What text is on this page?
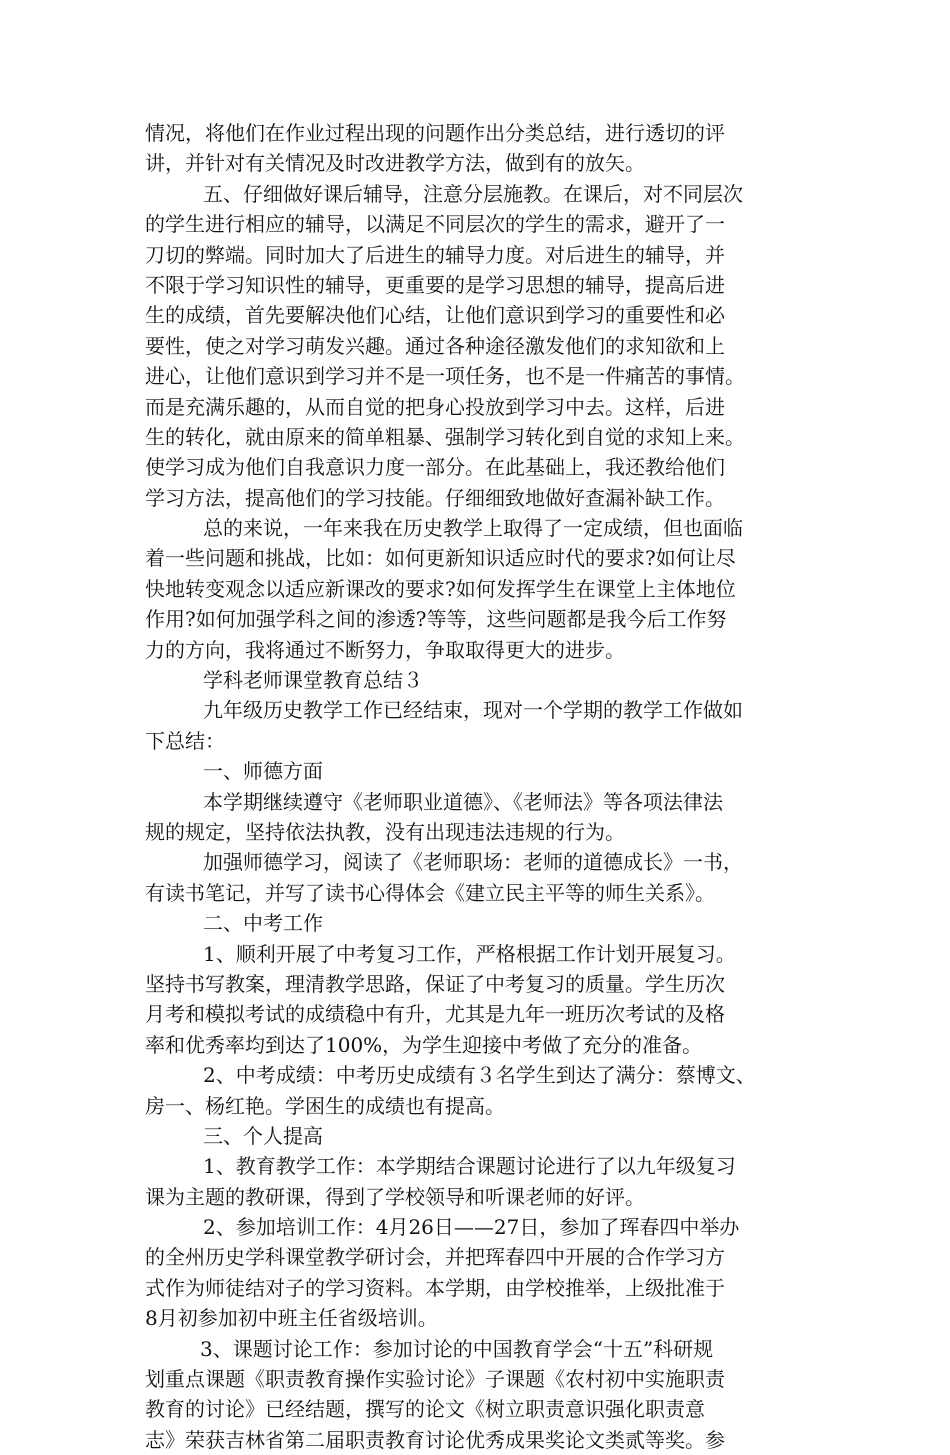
情况，将他们在作业过程出现的问题作出分类总结，进行透切的评
讲，并针对有关情况及时改进教学方法，做到有的放矢。
五、仔细做好课后辅导，注意分层施教。在课后，对不同层次
的学生进行相应的辅导，以满足不同层次的学生的需求，避开了一
刀切的弊端。同时加大了后进生的辅导力度。对后进生的辅导，并
不限于学习知识性的辅导，更重要的是学习思想的辅导，提高后进
生的成绩，首先要解决他们心结，让他们意识到学习的重要性和必
要性，使之对学习萌发兴趣。通过各种途径激发他们的求知欲和上
进心，让他们意识到学习并不是一项任务，也不是一件痛苦的事情。
而是充满乐趣的，从而自觉的把身心投放到学习中去。这样，后进
生的转化，就由原来的简单粗暴、强制学习转化到自觉的求知上来。
使学习成为他们自我意识力度一部分。在此基础上，我还教给他们
学习方法，提高他们的学习技能。仔细细致地做好查漏补缺工作。
总的来说，一年来我在历史教学上取得了一定成绩，但也面临
着一些问题和挑战，比如：如何更新知识适应时代的要求?如何让尽
快地转变观念以适应新课改的要求?如何发挥学生在课堂上主体地位
作用?如何加强学科之间的渗透?等等，这些问题都是我今后工作努
力的方向，我将通过不断努力，争取取得更大的进步。
学科老师课堂教育总结３
九年级历史教学工作已经结束，现对一个学期的教学工作做如
下总结：
一、师德方面
本学期继续遵守《老师职业道德》、《老师法》等各项法律法
规的规定，坚持依法执教，没有出现违法违规的行为。
加强师德学习，阅读了《老师职场：老师的道德成长》一书，
有读书笔记，并写了读书心得体会《建立民主平等的师生关系》。
二、中考工作
1、顺利开展了中考复习工作，严格根据工作计划开展复习。
坚持书写教案，理清教学思路，保证了中考复习的质量。学生历次
月考和模拟考试的成绩稳中有升，尤其是九年一班历次考试的及格
率和优秀率均到达了100%，为学生迎接中考做了充分的准备。
2、中考成绩：中考历史成绩有３名学生到达了满分：蔡博文、
房一、杨红艳。学困生的成绩也有提高。
三、个人提高
1、教育教学工作：本学期结合课题讨论进行了以九年级复习
课为主题的教研课，得到了学校领导和听课老师的好评。
2、参加培训工作：4月26日——27日，参加了珲春四中举办
的全州历史学科课堂教学研讨会，并把珲春四中开展的合作学习方
式作为师徒结对子的学习资料。本学期，由学校推举，上级批准于
8月初参加初中班主任省级培训。
3、课题讨论工作：参加讨论的中国教育学会“十五”科研规
划重点课题《职责教育操作实验讨论》子课题《农村初中实施职责
教育的讨论》已经结题，撰写的论文《树立职责意识强化职责意
志》荣获吉林省第二届职责教育讨论优秀成果奖论文类贰等奖。参
